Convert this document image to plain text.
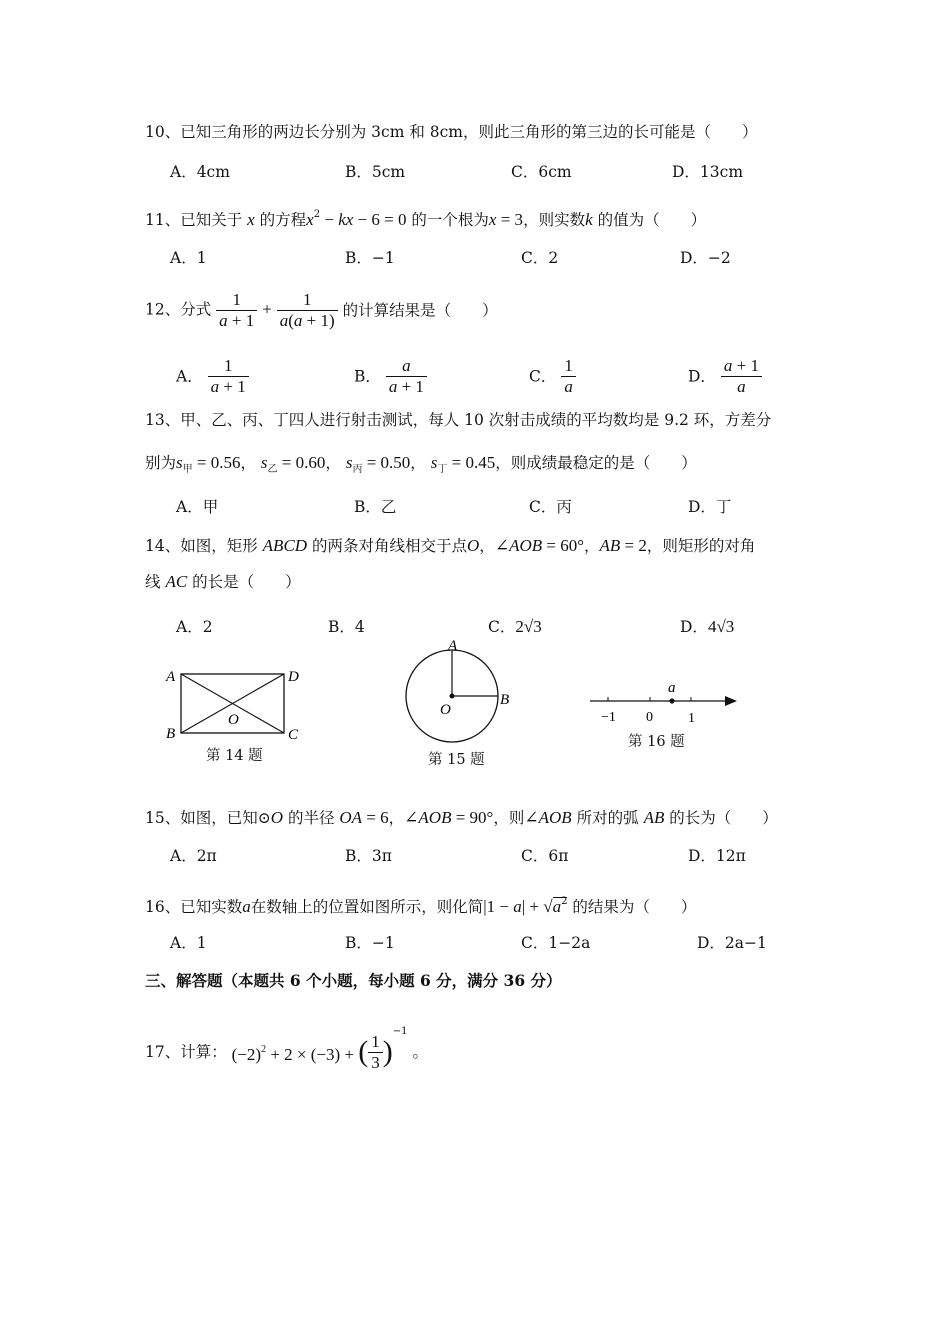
10、已知三角形的两边长分别为 3cm 和 8cm，则此三角形的第三边的长可能是（　　）
A．4cm	B．5cm	C．6cm	D．13cm
11、已知关于 x 的方程$x^2$ − kx − 6 = 0 的一个根为x = 3，则实数k 的值为（　　）
A．1	B．−1	C．2	D．−2
12、分式 $\frac{1}{a + 1} + \frac{1}{a(a + 1)}$ 的计算结果是（　　）
A． $\frac{1}{a + 1}$	B． $\frac{a}{a + 1}$	C． $\frac{1}{a}$	D． $\frac{a + 1}{a}$
13、甲、乙、丙、丁四人进行射击测试，每人 10 次射击成绩的平均数均是 9.2 环，方差分
别为$s_甲 = 0.56$， $s_乙 = 0.60$， $s_丙 = 0.50$， $s_丁 = 0.45$，则成绩最稳定的是（　　）
A．甲	B．乙	C．丙	D．丁
14、如图，矩形 ABCD 的两条对角线相交于点O，∠AOB = 60°，AB = 2，则矩形的对角
线 AC 的长是（　　）
A．2	B．4	C．2√3	D．4√3
A	D
B	C
O
第 14 题
A
B
O
第 15 题
−1 0	1
a
第 16 题
15、如图，已知⊙O 的半径 OA = 6，∠AOB = 90°，则∠AOB 所对的弧 AB 的长为（　　）
A．2π	B．3π	C．6π	D．12π
16、已知实数a在数轴上的位置如图所示，则化简$|1 - a| + √a^2$ 的结果为（　　）
A．1	B．−1	C．1−2a	D．2a−1
三、解答题（本题共 6 个小题，每小题 6 分，满分 36 分）
17、计算： $(-2)^2 + 2 \times (-3)$ + ( $\frac{1}{3} )^{-1}$ 。
